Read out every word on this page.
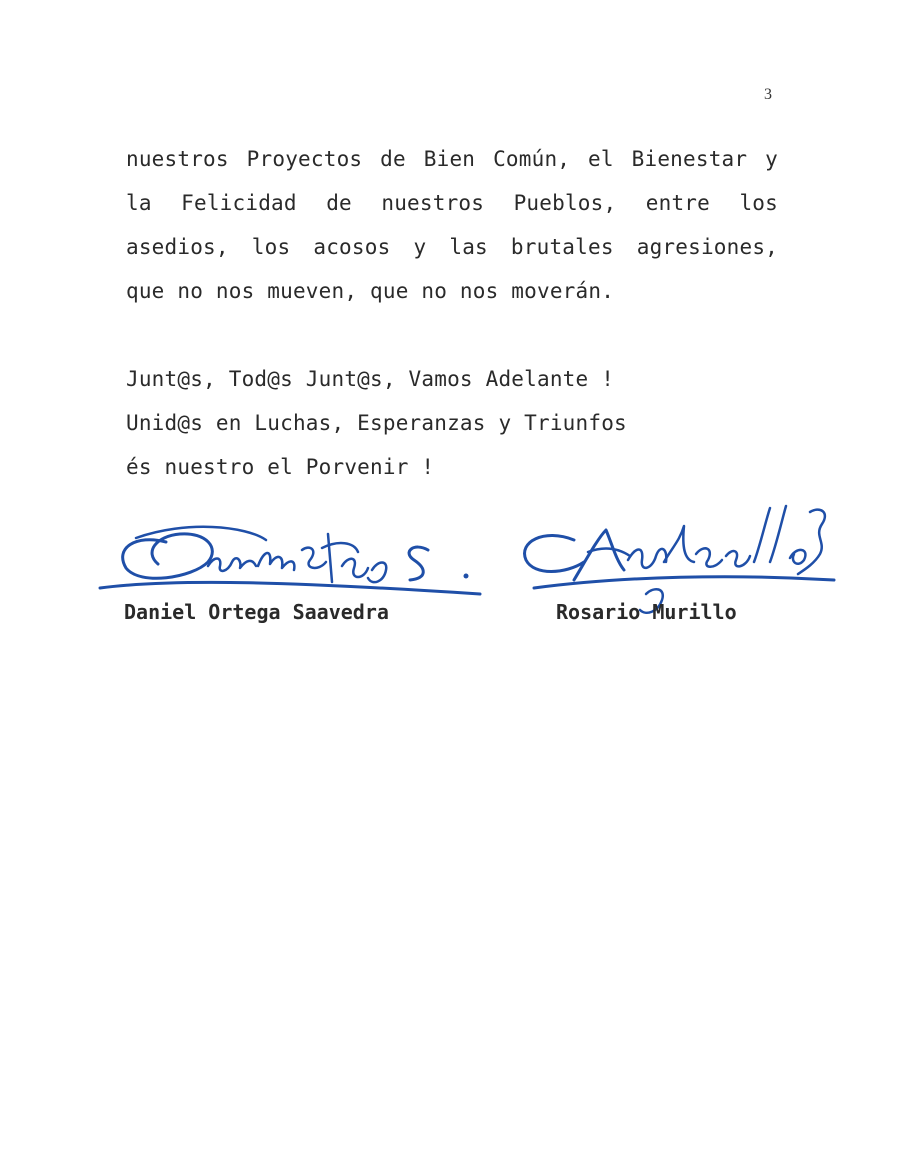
3

nuestros Proyectos de Bien Común, el Bienestar y
la Felicidad de nuestros Pueblos, entre los
asedios, los acosos y las brutales agresiones,
que no nos mueven, que no nos moverán.

Junt@s, Tod@s Junt@s, Vamos Adelante !
Unid@s en Luchas, Esperanzas y Triunfos
és nuestro el Porvenir !

Daniel Ortega Saavedra	Rosario Murillo
